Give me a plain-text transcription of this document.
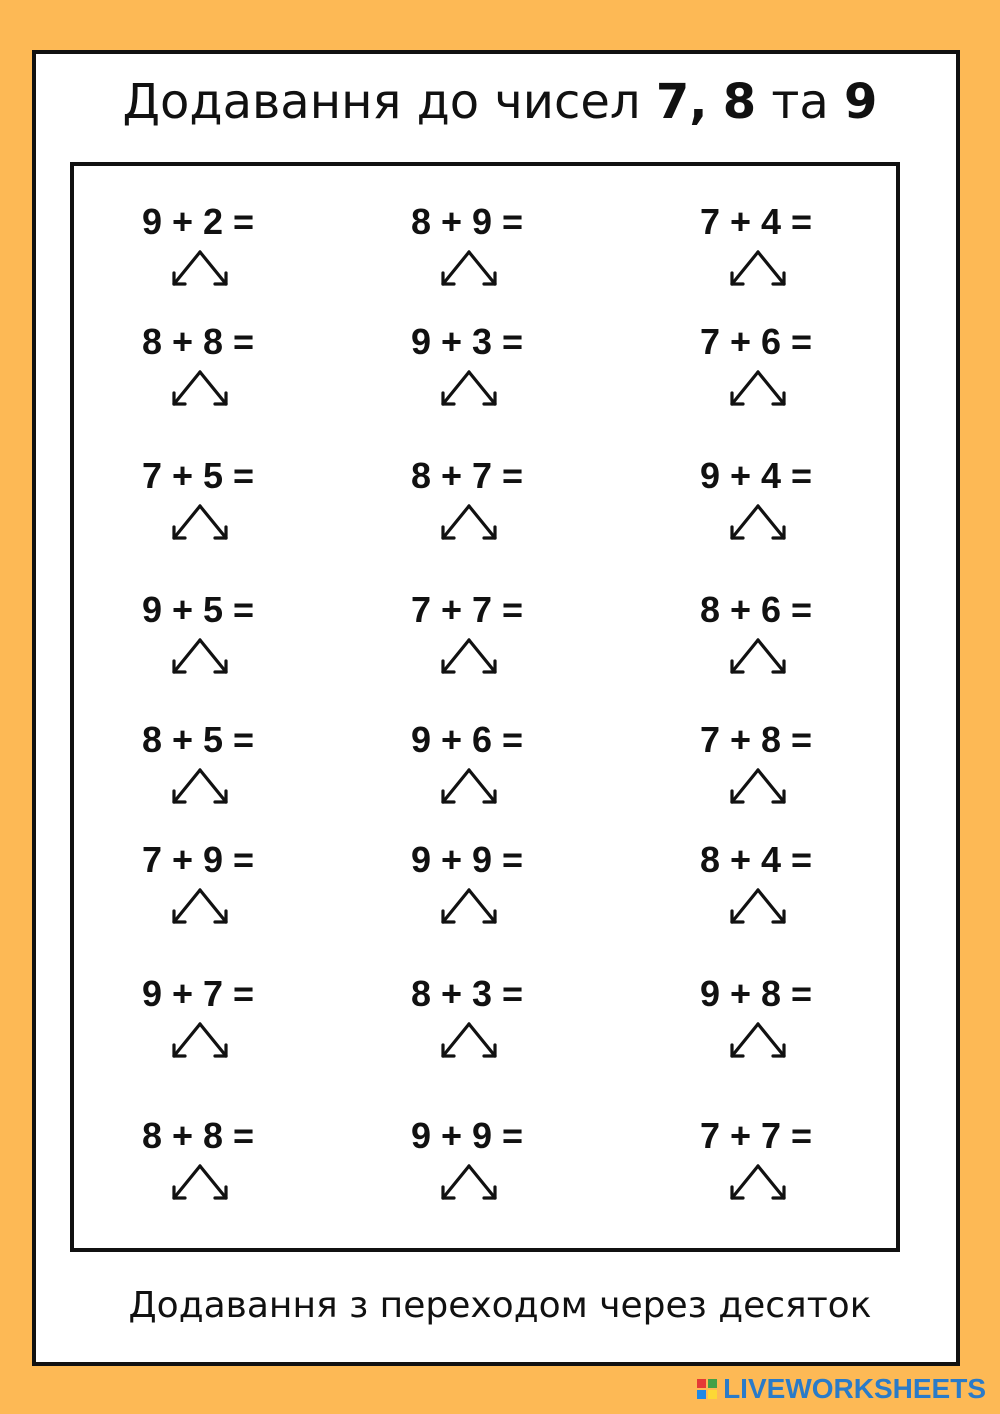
Додавання до чисел 7, 8 та 9
9 + 2 =	8 + 9 =	7 + 4 =
8 + 8 =	9 + 3 =	7 + 6 =
7 + 5 =	8 + 7 =	9 + 4 =
9 + 5 =	7 + 7 =	8 + 6 =
8 + 5 =	9 + 6 =	7 + 8 =
7 + 9 =	9 + 9 =	8 + 4 =
9 + 7 =	8 + 3 =	9 + 8 =
8 + 8 =	9 + 9 =	7 + 7 =
Додавання з переходом через десяток
LIVEWORKSHEETS
